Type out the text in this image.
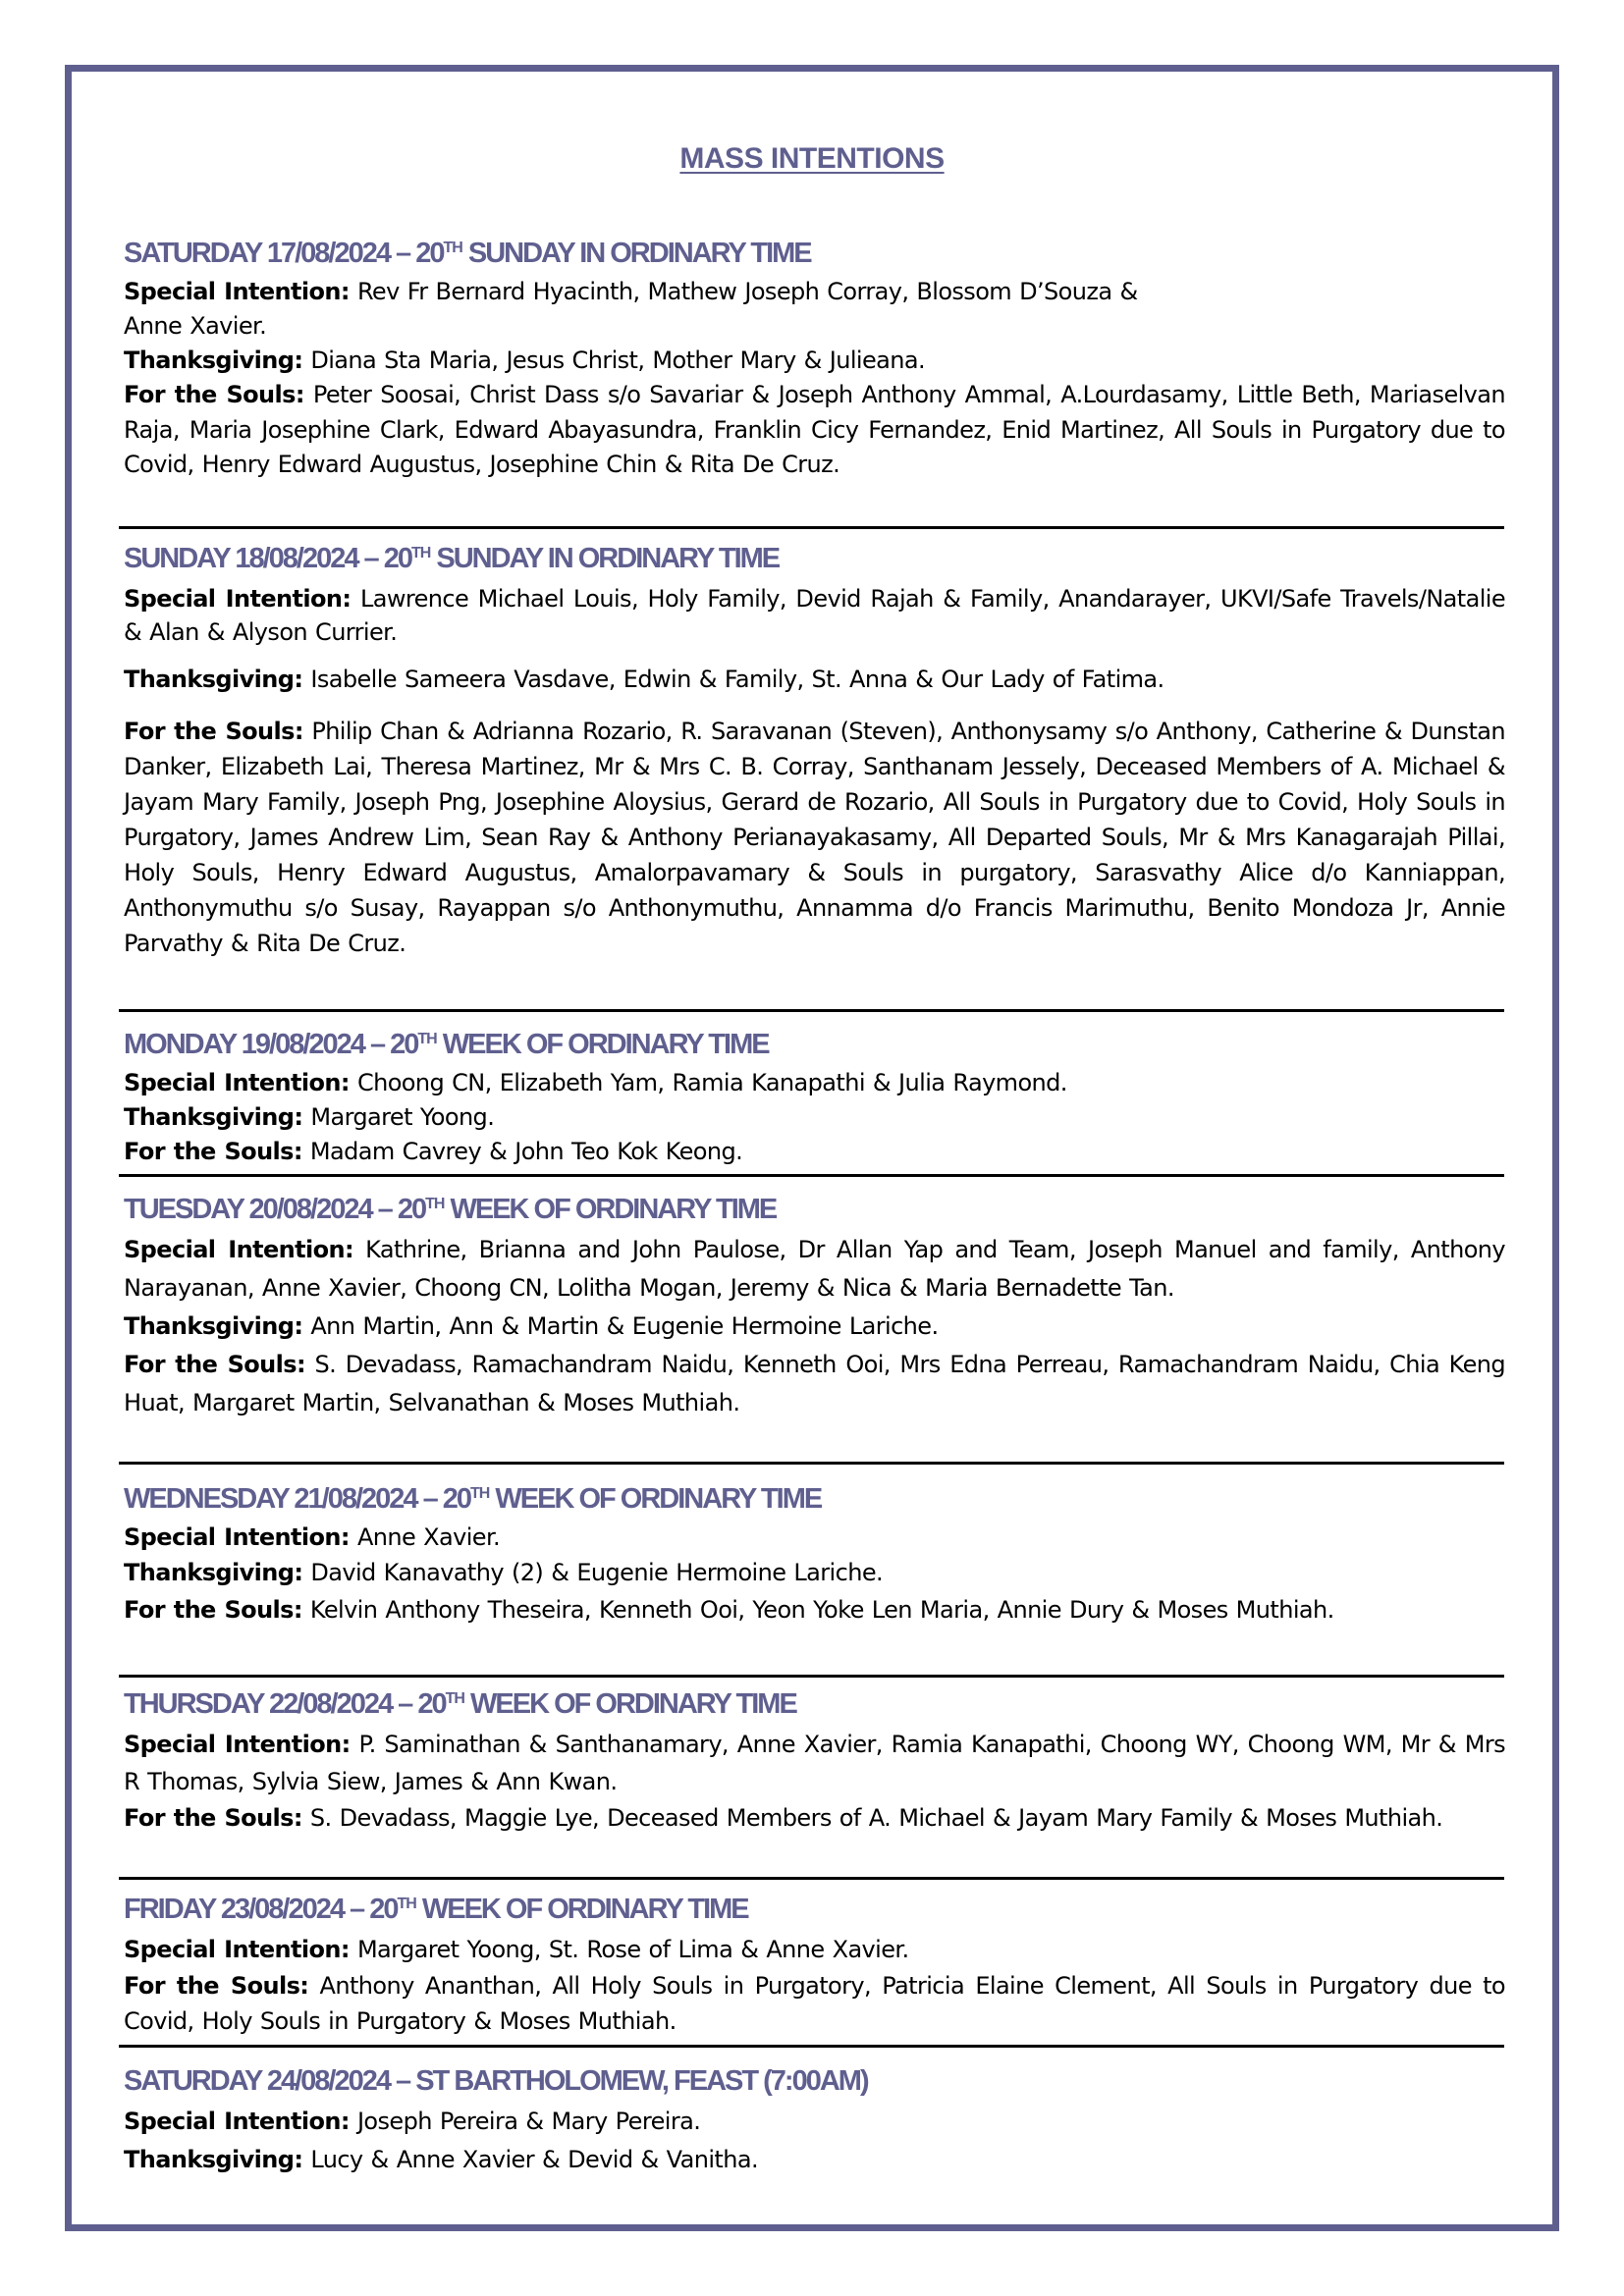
MASS INTENTIONS
SATURDAY 17/08/2024 – 20TH SUNDAY IN ORDINARY TIME

Special Intention: Rev Fr Bernard Hyacinth, Mathew Joseph Corray, Blossom D’Souza &
Anne Xavier.

Thanksgiving: Diana Sta Maria, Jesus Christ, Mother Mary & Julieana.

For the Souls: Peter Soosai, Christ Dass s/o Savariar & Joseph Anthony Ammal, A.Lourdasamy, Little Beth, Mariaselvan Raja, Maria Josephine Clark, Edward Abayasundra, Franklin Cicy Fernandez, Enid Martinez, All Souls in Purgatory due to Covid, Henry Edward Augustus, Josephine Chin & Rita De Cruz.

SUNDAY 18/08/2024 – 20TH SUNDAY IN ORDINARY TIME

Special Intention: Lawrence Michael Louis, Holy Family, Devid Rajah & Family, Anandarayer, UKVI/Safe Travels/Natalie & Alan & Alyson Currier.

Thanksgiving: Isabelle Sameera Vasdave, Edwin & Family, St. Anna & Our Lady of Fatima.

For the Souls: Philip Chan & Adrianna Rozario, R. Saravanan (Steven), Anthonysamy s/o Anthony, Catherine & Dunstan Danker, Elizabeth Lai, Theresa Martinez, Mr & Mrs C. B. Corray, Santhanam Jessely, Deceased Members of A. Michael & Jayam Mary Family, Joseph Png, Josephine Aloysius, Gerard de Rozario, All Souls in Purgatory due to Covid, Holy Souls in Purgatory, James Andrew Lim, Sean Ray & Anthony Perianayakasamy, All Departed Souls, Mr & Mrs Kanagarajah Pillai, Holy Souls, Henry Edward Augustus, Amalorpavamary & Souls in purgatory, Sarasvathy Alice d/o Kanniappan, Anthonymuthu s/o Susay, Rayappan s/o Anthonymuthu, Annamma d/o Francis Marimuthu, Benito Mondoza Jr, Annie Parvathy & Rita De Cruz.

MONDAY 19/08/2024 – 20TH WEEK OF ORDINARY TIME

Special Intention: Choong CN, Elizabeth Yam, Ramia Kanapathi & Julia Raymond.

Thanksgiving: Margaret Yoong.

For the Souls: Madam Cavrey & John Teo Kok Keong.

TUESDAY 20/08/2024 – 20TH WEEK OF ORDINARY TIME

Special Intention: Kathrine, Brianna and John Paulose, Dr Allan Yap and Team, Joseph Manuel and family, Anthony Narayanan, Anne Xavier, Choong CN, Lolitha Mogan, Jeremy & Nica & Maria Bernadette Tan.

Thanksgiving: Ann Martin, Ann & Martin & Eugenie Hermoine Lariche.

For the Souls: S. Devadass, Ramachandram Naidu, Kenneth Ooi, Mrs Edna Perreau, Ramachandram Naidu, Chia Keng Huat, Margaret Martin, Selvanathan & Moses Muthiah.

WEDNESDAY 21/08/2024 – 20TH WEEK OF ORDINARY TIME

Special Intention: Anne Xavier.

Thanksgiving: David Kanavathy (2) & Eugenie Hermoine Lariche.

For the Souls: Kelvin Anthony Theseira, Kenneth Ooi, Yeon Yoke Len Maria, Annie Dury & Moses Muthiah.

THURSDAY 22/08/2024 – 20TH WEEK OF ORDINARY TIME

Special Intention: P. Saminathan & Santhanamary, Anne Xavier, Ramia Kanapathi, Choong WY, Choong WM, Mr & Mrs R Thomas, Sylvia Siew, James & Ann Kwan.

For the Souls: S. Devadass, Maggie Lye, Deceased Members of A. Michael & Jayam Mary Family & Moses Muthiah.

FRIDAY 23/08/2024 – 20TH WEEK OF ORDINARY TIME

Special Intention: Margaret Yoong, St. Rose of Lima & Anne Xavier.

For the Souls: Anthony Ananthan, All Holy Souls in Purgatory, Patricia Elaine Clement, All Souls in Purgatory due to Covid, Holy Souls in Purgatory & Moses Muthiah.

SATURDAY 24/08/2024 – ST BARTHOLOMEW, FEAST (7:00AM)

Special Intention: Joseph Pereira & Mary Pereira.

Thanksgiving: Lucy & Anne Xavier & Devid & Vanitha.
